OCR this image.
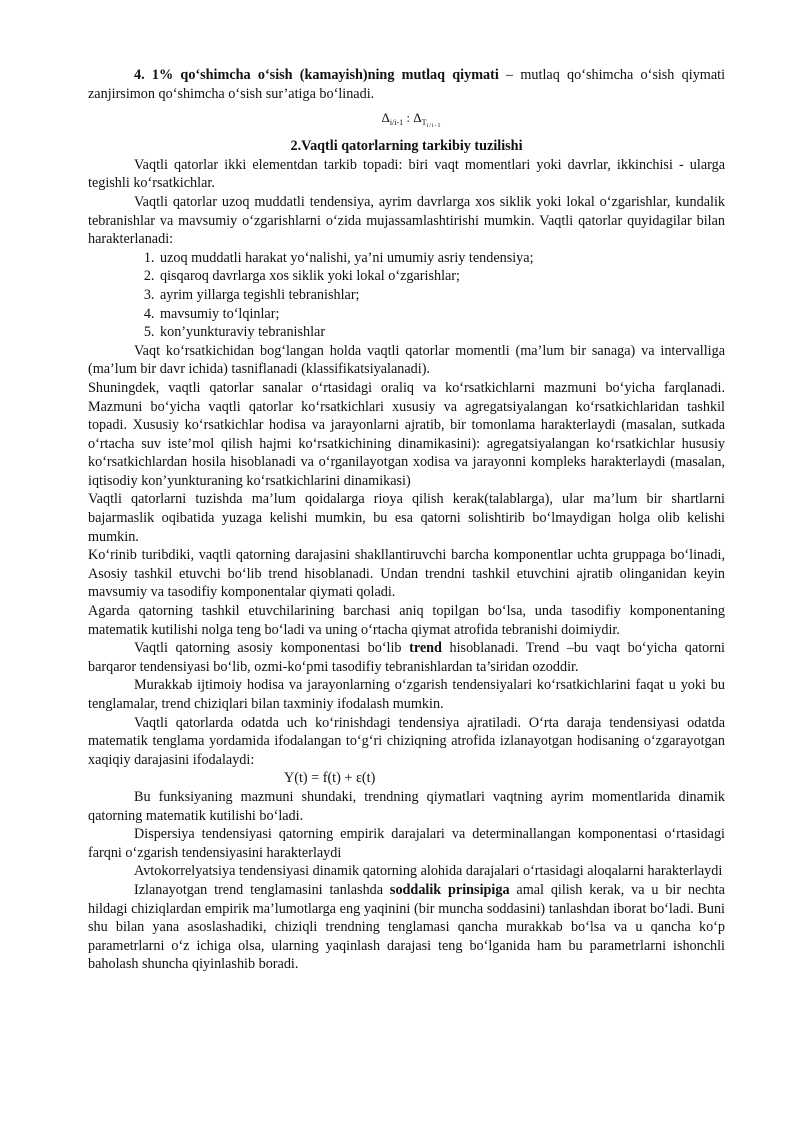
4. 1% qo‘shimcha o‘sish (kamayish)ning mutlaq qiymati – mutlaq qo‘shimcha o‘sish qiymati zanjirsimon qo‘shimcha o‘sish sur’atiga bo‘linadi.

$\Delta_{i/i-1}$ : $\Delta_{Ti/i-1}$

2.Vaqtli qatorlarning tarkibiy tuzilishi

Vaqtli qatorlar ikki elementdan tarkib topadi: biri vaqt momentlari yoki davrlar, ikkinchisi - ularga tegishli ko‘rsatkichlar.

Vaqtli qatorlar uzoq muddatli tendensiya, ayrim davrlarga xos siklik yoki lokal o‘zgarishlar, kundalik tebranishlar va mavsumiy o‘zgarishlarni o‘zida mujassamlashtirishi mumkin. Vaqtli qatorlar quyidagilar bilan harakterlanadi:

1. uzoq muddatli harakat yo‘nalishi, ya’ni umumiy asriy tendensiya;
2. qisqaroq davrlarga xos siklik yoki lokal o‘zgarishlar;
3. ayrim yillarga tegishli tebranishlar;
4. mavsumiy to‘lqinlar;
5. kon’yunkturaviy tebranishlar

Vaqt ko‘rsatkichidan bog‘langan holda vaqtli qatorlar momentli (ma’lum bir sanaga) va intervalliga (ma’lum bir davr ichida) tasniflanadi (klassifikatsiyalanadi).

Shuningdek, vaqtli qatorlar sanalar o‘rtasidagi oraliq va ko‘rsatkichlarni mazmuni bo‘yicha farqlanadi. Mazmuni bo‘yicha vaqtli qatorlar ko‘rsatkichlari xususiy va agregatsiyalangan ko‘rsatkichlaridan tashkil topadi. Xususiy ko‘rsatkichlar hodisa va jarayonlarni ajratib, bir tomonlama harakterlaydi (masalan, sutkada o‘rtacha suv iste’mol qilish hajmi ko‘rsatkichining dinamikasini): agregatsiyalangan ko‘rsatkichlar hususiy ko‘rsatkichlardan hosila hisoblanadi va o‘rganilayotgan xodisa va jarayonni kompleks harakterlaydi (masalan, iqtisodiy kon’yunkturaning ko‘rsatkichlarini dinamikasi)

Vaqtli qatorlarni tuzishda ma’lum qoidalarga rioya qilish kerak(talablarga), ular ma’lum bir shartlarni bajarmaslik oqibatida yuzaga kelishi mumkin, bu esa qatorni solishtirib bo‘lmaydigan holga olib kelishi mumkin.

Ko‘rinib turibdiki, vaqtli qatorning darajasini shakllantiruvchi barcha komponentlar uchta gruppaga bo‘linadi, Asosiy tashkil etuvchi bo‘lib trend hisoblanadi. Undan trendni tashkil etuvchini ajratib olinganidan keyin mavsumiy va tasodifiy komponentalar qiymati qoladi.

Agarda qatorning tashkil etuvchilarining barchasi aniq topilgan bo‘lsa, unda tasodifiy komponentaning matematik kutilishi nolga teng bo‘ladi va uning o‘rtacha qiymat atrofida tebranishi doimiydir.

Vaqtli qatorning asosiy komponentasi bo‘lib trend hisoblanadi. Trend –bu vaqt bo‘yicha qatorni barqaror tendensiyasi bo‘lib, ozmi-ko‘pmi tasodifiy tebranishlardan ta’siridan ozoddir.

Murakkab ijtimoiy hodisa va jarayonlarning o‘zgarish tendensiyalari ko‘rsatkichlarini faqat u yoki bu tenglamalar, trend chiziqlari bilan taxminiy ifodalash mumkin.

Vaqtli qatorlarda odatda uch ko‘rinishdagi tendensiya ajratiladi. O‘rta daraja tendensiyasi odatda matematik tenglama yordamida ifodalangan to‘g‘ri chiziqning atrofida izlanayotgan hodisaning o‘zgarayotgan xaqiqiy darajasini ifodalaydi:

Y(t) = f(t) + ε(t)

Bu funksiyaning mazmuni shundaki, trendning qiymatlari vaqtning ayrim momentlarida dinamik qatorning matematik kutilishi bo‘ladi.

Dispersiya tendensiyasi qatorning empirik darajalari va determinallangan komponentasi o‘rtasidagi farqni o‘zgarish tendensiyasini harakterlaydi

Avtokorrelyatsiya tendensiyasi dinamik qatorning alohida darajalari o‘rtasidagi aloqalarni harakterlaydi

Izlanayotgan trend tenglamasini tanlashda soddalik prinsipiga amal qilish kerak, va u bir nechta hildagi chiziqlardan empirik ma’lumotlarga eng yaqinini (bir muncha soddasini) tanlashdan iborat bo‘ladi. Buni shu bilan yana asoslashadiki, chiziqli trendning tenglamasi qancha murakkab bo‘lsa va u qancha ko‘p parametrlarni o‘z ichiga olsa, ularning yaqinlash darajasi teng bo‘lganida ham bu parametrlarni ishonchli baholash shuncha qiyinlashib boradi.
